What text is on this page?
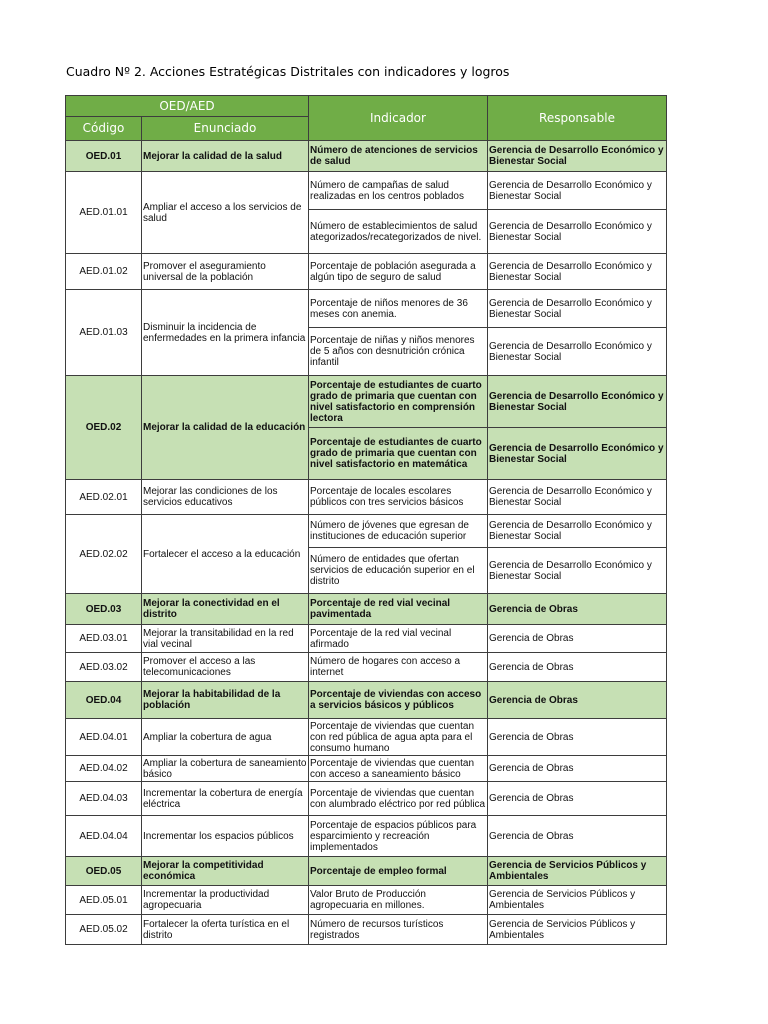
Cuadro Nº 2. Acciones Estratégicas Distritales con indicadores y logros
OED/AED		Indicador	Responsable
Código	Enunciado		
OED.01	Mejorar la calidad de la salud	Número de atenciones de servicios de salud	Gerencia de Desarrollo Económico y Bienestar Social
AED.01.01	Ampliar el acceso a los servicios de salud	Número de campañas de salud realizadas en los centros poblados	Gerencia de Desarrollo Económico y Bienestar Social
		Número de establecimientos de salud ategorizados/recategorizados de nivel.	Gerencia de Desarrollo Económico y Bienestar Social
AED.01.02	Promover el aseguramiento universal de la población	Porcentaje de población asegurada a algún tipo de seguro de salud	Gerencia de Desarrollo Económico y Bienestar Social
AED.01.03	Disminuir la incidencia de enfermedades en la primera infancia	Porcentaje de niños menores de 36 meses con anemia.	Gerencia de Desarrollo Económico y Bienestar Social
		Porcentaje de niñas y niños menores de 5 años con desnutrición crónica infantil	Gerencia de Desarrollo Económico y Bienestar Social
OED.02	Mejorar la calidad de la educación	Porcentaje de estudiantes de cuarto grado de primaria que cuentan con nivel satisfactorio en comprensión lectora	Gerencia de Desarrollo Económico y Bienestar Social
		Porcentaje de estudiantes de cuarto grado de primaria que cuentan con nivel satisfactorio en matemática	Gerencia de Desarrollo Económico y Bienestar Social
AED.02.01	Mejorar las condiciones de los servicios educativos	Porcentaje de locales escolares públicos con tres servicios básicos	Gerencia de Desarrollo Económico y Bienestar Social
AED.02.02	Fortalecer el acceso a la educación	Número de jóvenes que egresan de instituciones de educación superior	Gerencia de Desarrollo Económico y Bienestar Social
		Número de entidades que ofertan servicios de educación superior en el distrito	Gerencia de Desarrollo Económico y Bienestar Social
OED.03	Mejorar la conectividad en el distrito	Porcentaje de red vial vecinal pavimentada	Gerencia de Obras
AED.03.01	Mejorar la transitabilidad en la red vial vecinal	Porcentaje de la red vial vecinal afirmado	Gerencia de Obras
AED.03.02	Promover el acceso a las telecomunicaciones	Número de hogares con acceso a internet	Gerencia de Obras
OED.04	Mejorar la habitabilidad de la población	Porcentaje de viviendas con acceso a servicios básicos y públicos	Gerencia de Obras
AED.04.01	Ampliar la cobertura de agua	Porcentaje de viviendas que cuentan con red pública de agua apta para el consumo humano	Gerencia de Obras
AED.04.02	Ampliar la cobertura de saneamiento básico	Porcentaje de viviendas que cuentan con acceso a saneamiento básico	Gerencia de Obras
AED.04.03	Incrementar la cobertura de energía eléctrica	Porcentaje de viviendas que cuentan con alumbrado eléctrico por red pública	Gerencia de Obras
AED.04.04	Incrementar los espacios públicos	Porcentaje de espacios públicos para esparcimiento y recreación implementados	Gerencia de Obras
OED.05	Mejorar la competitividad económica	Porcentaje de empleo formal	Gerencia de Servicios Públicos y Ambientales
AED.05.01	Incrementar la productividad agropecuaria	Valor Bruto de Producción agropecuaria en millones.	Gerencia de Servicios Públicos y Ambientales
AED.05.02	Fortalecer la oferta turística en el distrito	Número de recursos turísticos registrados	Gerencia de Servicios Públicos y Ambientales
